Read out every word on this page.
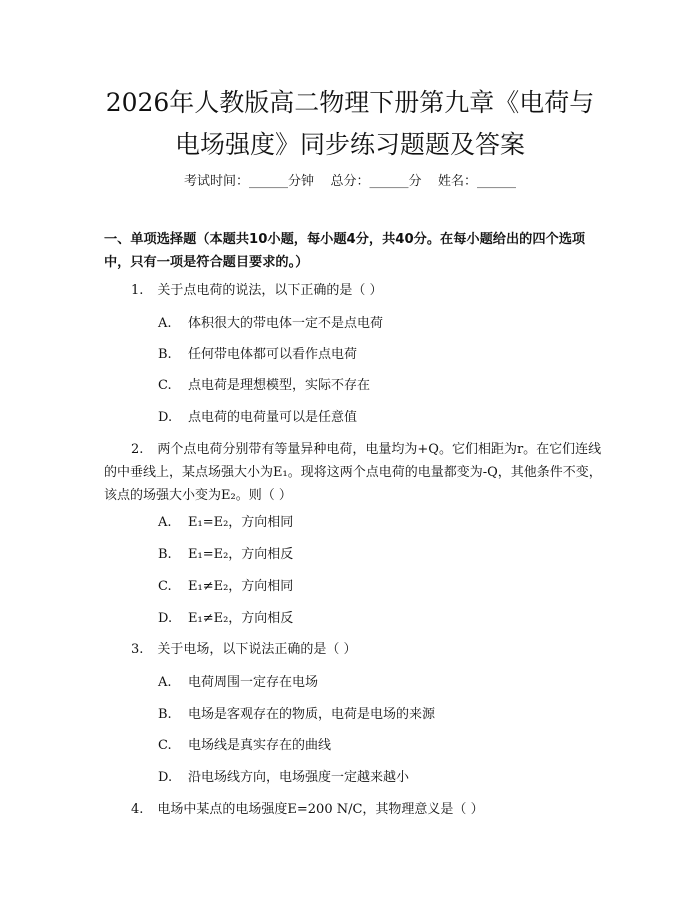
2026年人教版高二物理下册第九章《电荷与
电场强度》同步练习题题及答案
考试时间：______分钟    总分：______分    姓名：______

一、单项选择题（本题共10小题，每小题4分，共40分。在每小题给出的四个选项中，只有一项是符合题目要求的。）

1. 关于点电荷的说法，以下正确的是（ ）

A. 体积很大的带电体一定不是点电荷
B. 任何带电体都可以看作点电荷
C. 点电荷是理想模型，实际不存在
D. 点电荷的电荷量可以是任意值

2. 两个点电荷分别带有等量异种电荷，电量均为+Q。它们相距为r。在它们连线的中垂线上，某点场强大小为E₁。现将这两个点电荷的电量都变为-Q，其他条件不变，该点的场强大小变为E₂。则（ ）

A. E₁=E₂，方向相同
B. E₁=E₂，方向相反
C. E₁≠E₂，方向相同
D. E₁≠E₂，方向相反

3. 关于电场，以下说法正确的是（ ）

A. 电荷周围一定存在电场
B. 电场是客观存在的物质，电荷是电场的来源
C. 电场线是真实存在的曲线
D. 沿电场线方向，电场强度一定越来越小

4. 电场中某点的电场强度E=200 N/C，其物理意义是（ ）
